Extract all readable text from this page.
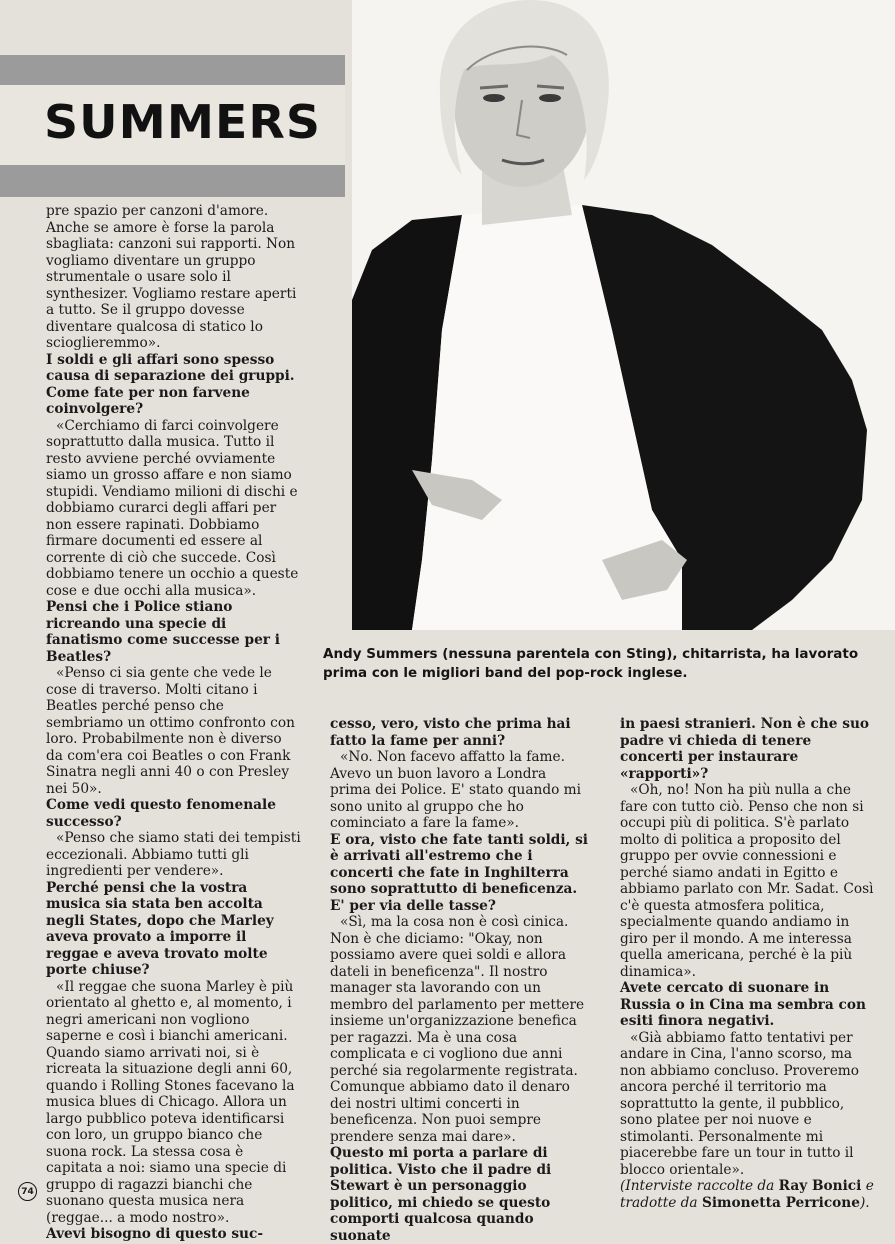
SUMMERS
Andy Summers (nessuna parentela con Sting), chitarrista, ha lavorato prima con le migliori band del pop-rock inglese.

pre spazio per canzoni d'amore. Anche se amore è forse la parola sbagliata: canzoni sui rapporti. Non vogliamo diventare un gruppo strumentale o usare solo il synthesizer. Vogliamo restare aperti a tutto. Se il gruppo dovesse diventare qualcosa di statico lo scioglieremmo».

I soldi e gli affari sono spesso causa di separazione dei gruppi. Come fate per non farvene coinvolgere?

«Cerchiamo di farci coinvolgere soprattutto dalla musica. Tutto il resto avviene perché ovviamente siamo un grosso affare e non siamo stupidi. Vendiamo milioni di dischi e dobbiamo curarci degli affari per non essere rapinati. Dobbiamo firmare documenti ed essere al corrente di ciò che succede. Così dobbiamo tenere un occhio a queste cose e due occhi alla musica».

Pensi che i Police stiano ricreando una specie di fanatismo come successe per i Beatles?

«Penso ci sia gente che vede le cose di traverso. Molti citano i Beatles perché penso che sembriamo un ottimo confronto con loro. Probabilmente non è diverso da com'era coi Beatles o con Frank Sinatra negli anni 40 o con Presley nei 50».

Come vedi questo fenomenale successo?

«Penso che siamo stati dei tempisti eccezionali. Abbiamo tutti gli ingredienti per vendere».

Perché pensi che la vostra musica sia stata ben accolta negli States, dopo che Marley aveva provato a imporre il reggae e aveva trovato molte porte chiuse?

«Il reggae che suona Marley è più orientato al ghetto e, al momento, i negri americani non vogliono saperne e così i bianchi americani. Quando siamo arrivati noi, si è ricreata la situazione degli anni 60, quando i Rolling Stones facevano la musica blues di Chicago. Allora un largo pubblico poteva identificarsi con loro, un gruppo bianco che suona rock. La stessa cosa è capitata a noi: siamo una specie di gruppo di ragazzi bianchi che suonano questa musica nera (reggae... a modo nostro».

Avevi bisogno di questo suc-

cesso, vero, visto che prima hai fatto la fame per anni?

«No. Non facevo affatto la fame. Avevo un buon lavoro a Londra prima dei Police. E' stato quando mi sono unito al gruppo che ho cominciato a fare la fame».

E ora, visto che fate tanti soldi, si è arrivati all'estremo che i concerti che fate in Inghilterra sono soprattutto di beneficenza. E' per via delle tasse?

«Sì, ma la cosa non è così cinica. Non è che diciamo: "Okay, non possiamo avere quei soldi e allora dateli in beneficenza". Il nostro manager sta lavorando con un membro del parlamento per mettere insieme un'organizzazione benefica per ragazzi. Ma è una cosa complicata e ci vogliono due anni perché sia regolarmente registrata. Comunque abbiamo dato il denaro dei nostri ultimi concerti in beneficenza. Non puoi sempre prendere senza mai dare».

Questo mi porta a parlare di politica. Visto che il padre di Stewart è un personaggio politico, mi chiedo se questo comporti qualcosa quando suonate

in paesi stranieri. Non è che suo padre vi chieda di tenere concerti per instaurare «rapporti»?

«Oh, no! Non ha più nulla a che fare con tutto ciò. Penso che non si occupi più di politica. S'è parlato molto di politica a proposito del gruppo per ovvie connessioni e perché siamo andati in Egitto e abbiamo parlato con Mr. Sadat. Così c'è questa atmosfera politica, specialmente quando andiamo in giro per il mondo. A me interessa quella americana, perché è la più dinamica».

Avete cercato di suonare in Russia o in Cina ma sembra con esiti finora negativi.

«Già abbiamo fatto tentativi per andare in Cina, l'anno scorso, ma non abbiamo concluso. Proveremo ancora perché il territorio ma soprattutto la gente, il pubblico, sono platee per noi nuove e stimolanti. Personalmente mi piacerebbe fare un tour in tutto il blocco orientale».

(Interviste raccolte da Ray Bonici e tradotte da Simonetta Perricone).

74
